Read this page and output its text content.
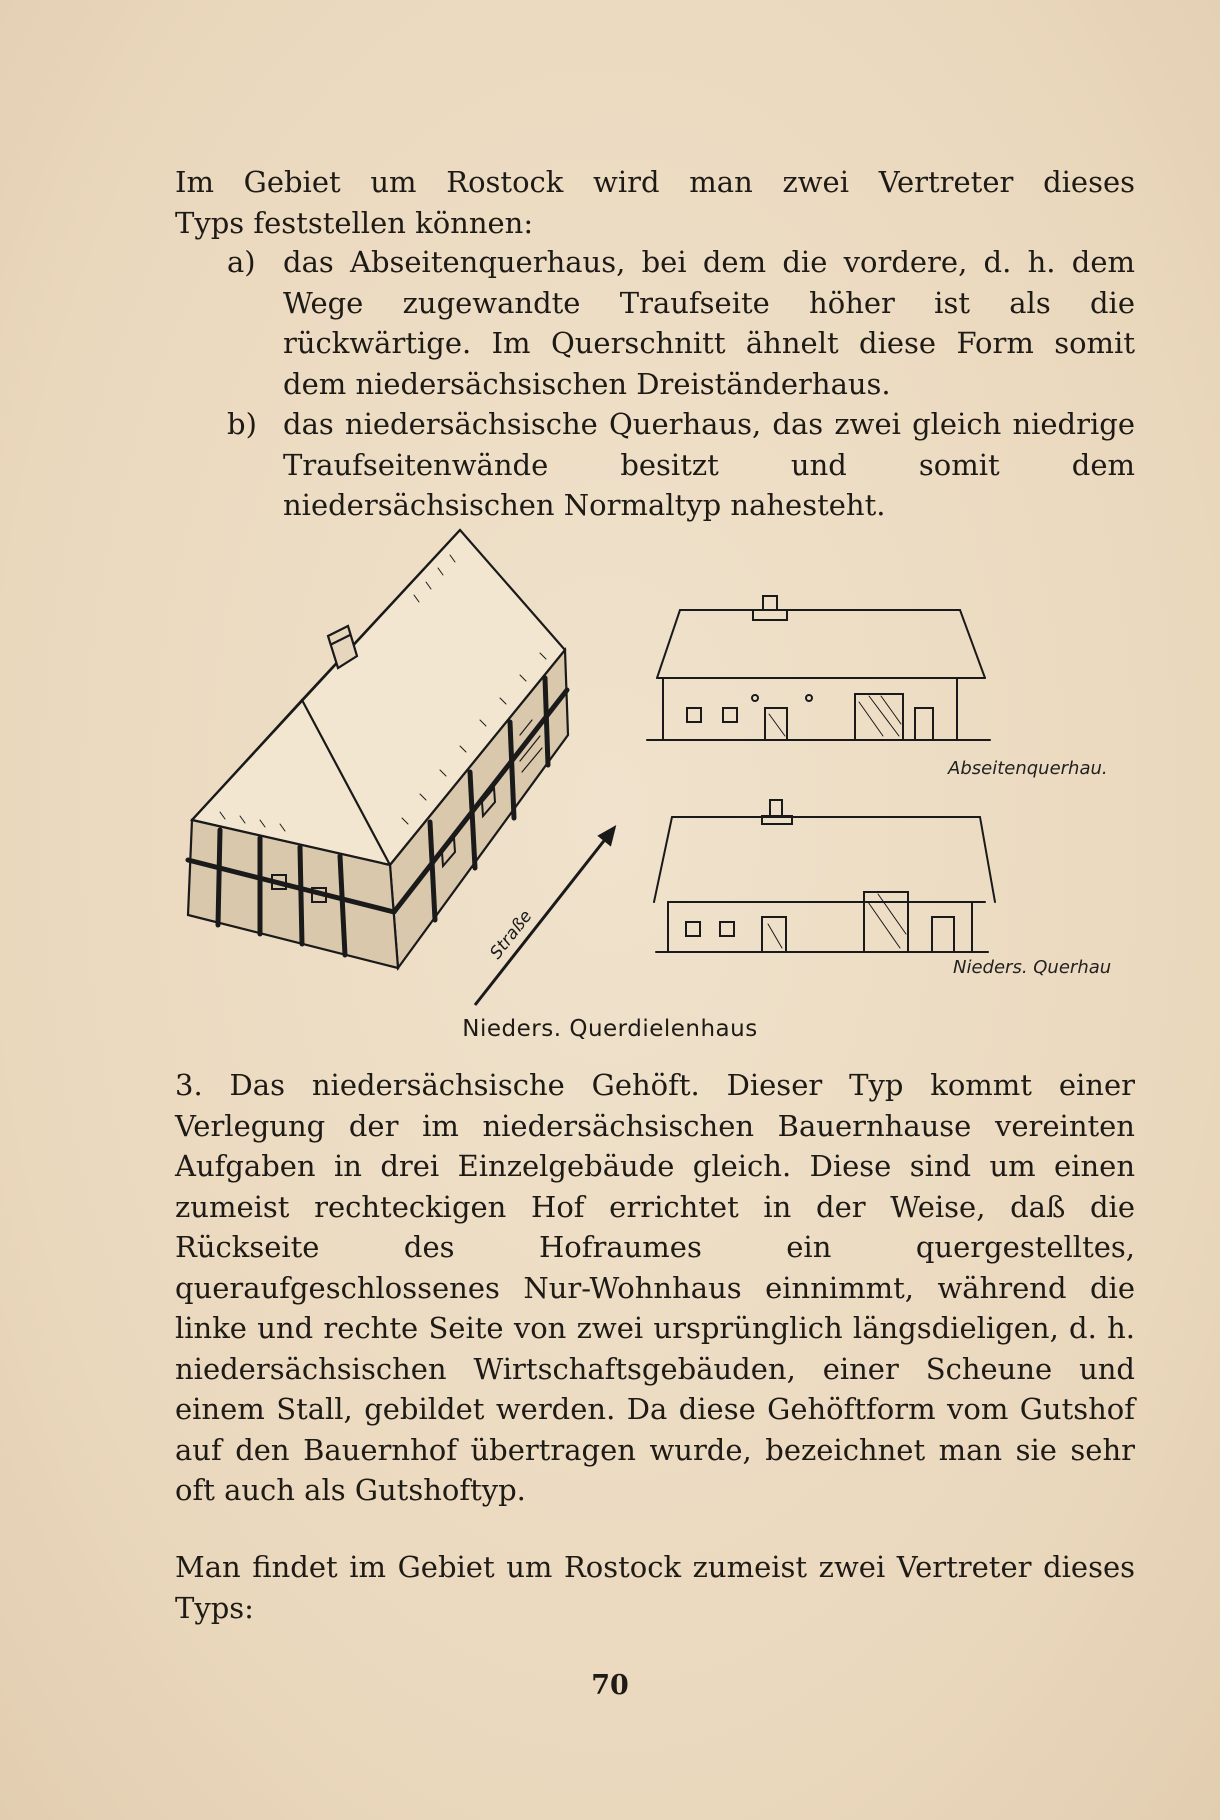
Im Gebiet um Rostock wird man zwei Vertreter dieses

Typs feststellen können:

a) das Abseitenquerhaus, bei dem die vordere, d. h. dem Wege zugewandte Traufseite höher ist als die rückwärtige. Im Querschnitt ähnelt diese Form somit dem niedersächsischen Dreiständerhaus.
b) das niedersächsische Querhaus, das zwei gleich niedrige Traufseitenwände besitzt und somit dem niedersächsischen Normaltyp nahesteht.
Straße
Abseitenquerhau.
Nieders. Querhau
Nieders. Querdielenhaus
3. Das niedersächsische Gehöft. Dieser Typ kommt einer Verlegung der im niedersächsischen Bauernhause vereinten Aufgaben in drei Einzelgebäude gleich. Diese sind um einen zumeist rechteckigen Hof errichtet in der Weise, daß die Rückseite des Hofraumes ein quergestelltes, queraufgeschlossenes Nur-Wohnhaus einnimmt, während die linke und rechte Seite von zwei ursprünglich längsdieligen, d. h. niedersächsischen Wirtschaftsgebäuden, einer Scheune und einem Stall, gebildet werden. Da diese Gehöftform vom Gutshof auf den Bauernhof übertragen wurde, bezeichnet man sie sehr oft auch als Gutshoftyp.
Man findet im Gebiet um Rostock zumeist zwei Vertreter dieses Typs:
70
